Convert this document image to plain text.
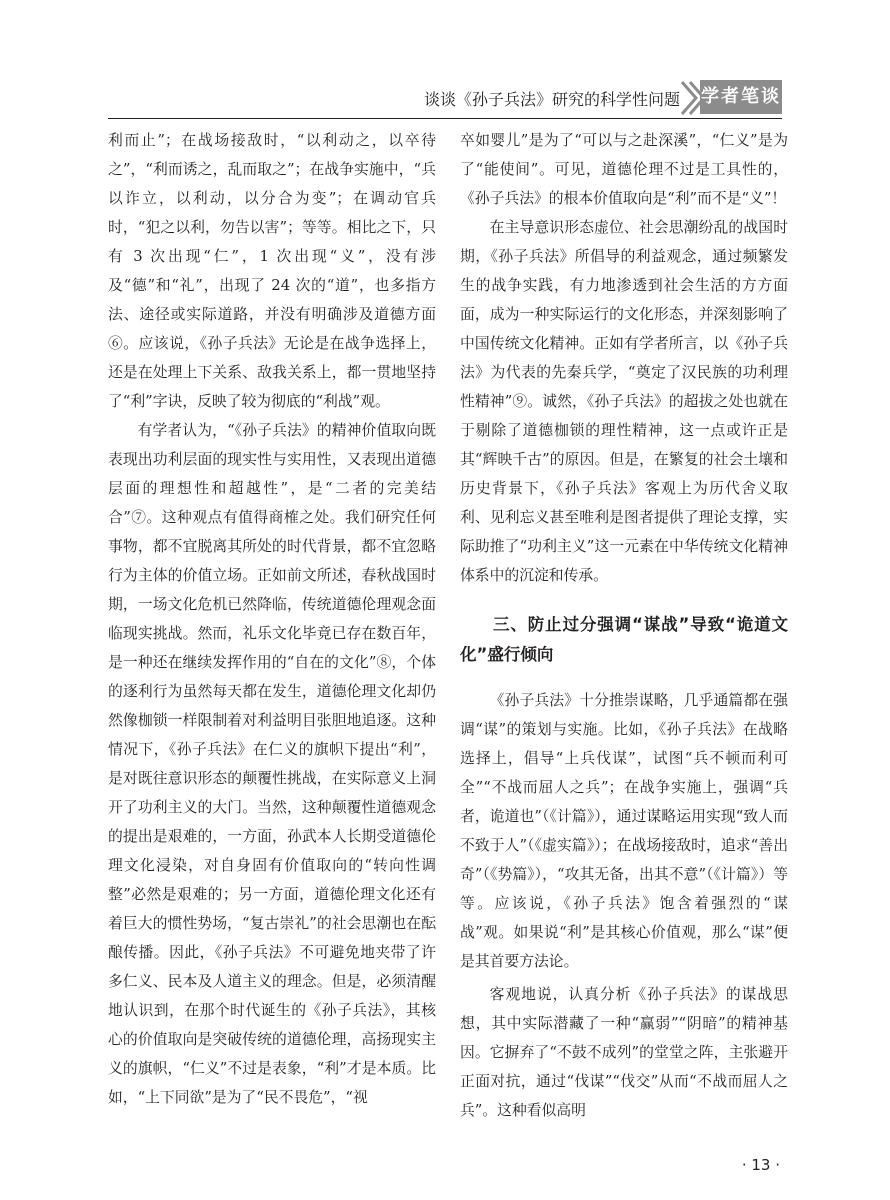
谈谈《孙子兵法》研究的科学性问题 学者笔谈

利而止”；在战场接敌时，“以利动之，以卒待之”，“利而诱之，乱而取之”；在战争实施中，“兵以诈立，以利动，以分合为变”；在调动官兵时，“犯之以利，勿告以害”；等等。相比之下，只有 3 次出现“仁”，1 次出现“义”，没有涉及“德”和“礼”，出现了 24 次的“道”，也多指方法、途径或实际道路，并没有明确涉及道德方面⑥。应该说，《孙子兵法》无论是在战争选择上，还是在处理上下关系、敌我关系上，都一贯地坚持了“利”字诀，反映了较为彻底的“利战”观。

有学者认为，“《孙子兵法》的精神价值取向既表现出功利层面的现实性与实用性，又表现出道德层面的理想性和超越性”，是“二者的完美结合”⑦。这种观点有值得商榷之处。我们研究任何事物，都不宜脱离其所处的时代背景，都不宜忽略行为主体的价值立场。正如前文所述，春秋战国时期，一场文化危机已然降临，传统道德伦理观念面临现实挑战。然而，礼乐文化毕竟已存在数百年，是一种还在继续发挥作用的“自在的文化”⑧，个体的逐利行为虽然每天都在发生，道德伦理文化却仍然像枷锁一样限制着对利益明目张胆地追逐。这种情况下，《孙子兵法》在仁义的旗帜下提出“利”，是对既往意识形态的颠覆性挑战，在实际意义上洞开了功利主义的大门。当然，这种颠覆性道德观念的提出是艰难的，一方面，孙武本人长期受道德伦理文化浸染，对自身固有价值取向的“转向性调整”必然是艰难的；另一方面，道德伦理文化还有着巨大的惯性势场，“复古崇礼”的社会思潮也在酝酿传播。因此，《孙子兵法》不可避免地夹带了许多仁义、民本及人道主义的理念。但是，必须清醒地认识到，在那个时代诞生的《孙子兵法》，其核心的价值取向是突破传统的道德伦理，高扬现实主义的旗帜，“仁义”不过是表象，“利”才是本质。比如，“上下同欲”是为了“民不畏危”，“视

卒如婴儿”是为了“可以与之赴深溪”，“仁义”是为了“能使间”。可见，道德伦理不过是工具性的，《孙子兵法》的根本价值取向是“利”而不是“义”！

在主导意识形态虚位、社会思潮纷乱的战国时期，《孙子兵法》所倡导的利益观念，通过频繁发生的战争实践，有力地渗透到社会生活的方方面面，成为一种实际运行的文化形态，并深刻影响了中国传统文化精神。正如有学者所言，以《孙子兵法》为代表的先秦兵学，“奠定了汉民族的功利理性精神”⑨。诚然，《孙子兵法》的超拔之处也就在于剔除了道德枷锁的理性精神，这一点或许正是其“辉映千古”的原因。但是，在繁复的社会土壤和历史背景下，《孙子兵法》客观上为历代舍义取利、见利忘义甚至唯利是图者提供了理论支撑，实际助推了“功利主义”这一元素在中华传统文化精神体系中的沉淀和传承。

三、防止过分强调“谋战”导致“诡道文化”盛行倾向

《孙子兵法》十分推崇谋略，几乎通篇都在强调“谋”的策划与实施。比如，《孙子兵法》在战略选择上，倡导“上兵伐谋”，试图“兵不顿而利可全”“不战而屈人之兵”；在战争实施上，强调“兵者，诡道也”（《计篇》），通过谋略运用实现“致人而不致于人”（《虚实篇》）；在战场接敌时，追求“善出奇”（《势篇》），“攻其无备，出其不意”（《计篇》）等等。应该说，《孙子兵法》饱含着强烈的“谋战”观。如果说“利”是其核心价值观，那么“谋”便是其首要方法论。

客观地说，认真分析《孙子兵法》的谋战思想，其中实际潜藏了一种“赢弱”“阴暗”的精神基因。它摒弃了“不鼓不成列”的堂堂之阵，主张避开正面对抗，通过“伐谋”“伐交”从而“不战而屈人之兵”。这种看似高明

· 13 ·
